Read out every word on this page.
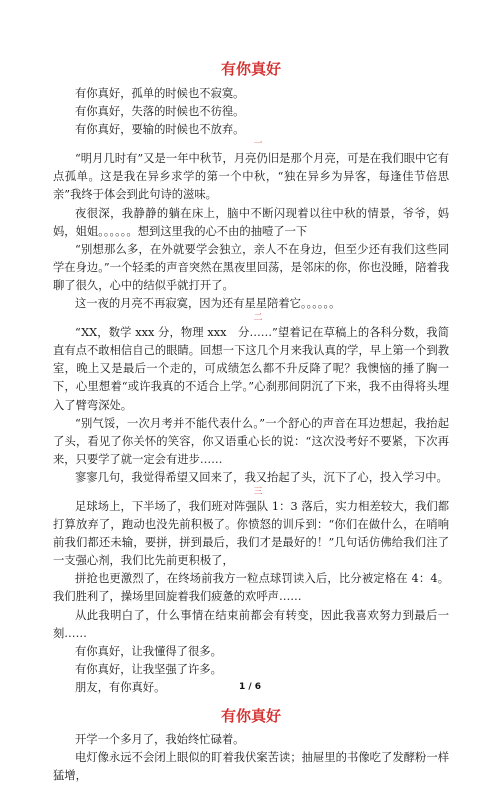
有你真好

有你真好，孤单的时候也不寂寞。

有你真好，失落的时候也不彷徨。

有你真好，要输的时候也不放弃。

一

“明月几时有”又是一年中秋节，月亮仍旧是那个月亮，可是在我们眼中它有点孤单。这是我在异乡求学的第一个中秋，“独在异乡为异客，每逢佳节倍思亲”我终于体会到此句诗的滋味。

夜很深，我静静的躺在床上，脑中不断闪现着以往中秋的情景，爷爷，妈妈，姐姐。。。。。。想到这里我的心不由的抽噎了一下

“别想那么多，在外就要学会独立，亲人不在身边，但至少还有我们这些同学在身边。”一个轻柔的声音突然在黑夜里回荡，是邻床的你，你也没睡，陪着我聊了很久，心中的结似乎就打开了。

这一夜的月亮不再寂寞，因为还有星星陪着它。。。。。。

二

“XX，数学 xxx 分，物理 xxx　分……”望着记在草稿上的各科分数，我简直有点不敢相信自己的眼睛。回想一下这几个月来我认真的学，早上第一个到教室，晚上又是最后一个走的，可成绩怎么都不升反降了呢？我懊恼的捶了胸一下，心里想着“或许我真的不适合上学。”心刹那间阴沉了下来，我不由得将头埋入了臂弯深处。

“别气馁，一次月考并不能代表什么。”一个舒心的声音在耳边想起，我抬起了头，看见了你关怀的笑容，你又语重心长的说：“这次没考好不要紧，下次再来，只要学了就一定会有进步……

寥寥几句，我觉得希望又回来了，我又抬起了头，沉下了心，投入学习中。

三

足球场上，下半场了，我们班对阵强队 1：3 落后，实力相差较大，我们都打算放弃了，跑动也没先前积极了。你愤怒的训斥到：“你们在做什么，在哨响前我们都还未输，要拼，拼到最后，我们才是最好的！”几句话仿佛给我们注了一支强心剂，我们比先前更积极了，

拼抢也更激烈了，在终场前我方一粒点球罚读入后，比分被定格在 4：4。我们胜利了，操场里回旋着我们疲惫的欢呼声……

从此我明白了，什么事情在结束前都会有转变，因此我喜欢努力到最后一刻……

有你真好，让我懂得了很多。

有你真好，让我坚强了许多。

朋友，有你真好。

有你真好

开学一个多月了，我始终忙碌着。

电灯像永远不会闭上眼似的盯着我伏案苦读；抽屉里的书像吃了发酵粉一样猛增，

1 / 6
